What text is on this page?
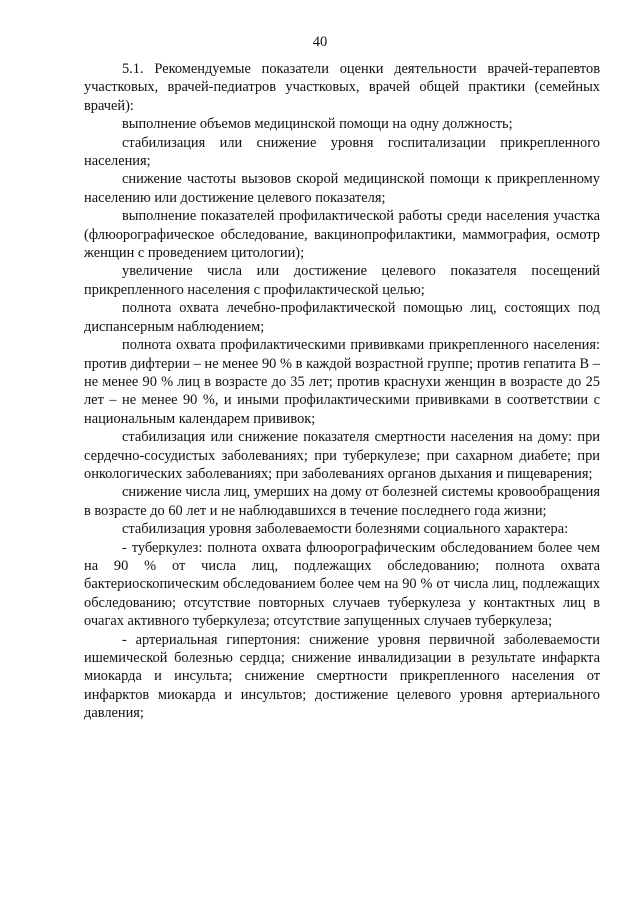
40

5.1. Рекомендуемые показатели оценки деятельности врачей-терапевтов участковых, врачей-педиатров участковых, врачей общей практики (семейных врачей):

выполнение объемов медицинской помощи на одну должность;

стабилизация или снижение уровня госпитализации прикрепленного населения;

снижение частоты вызовов скорой медицинской помощи к прикрепленному населению или достижение целевого показателя;

выполнение показателей профилактической работы среди населения участка (флюорографическое обследование, вакцинопрофилактики, маммография, осмотр женщин с проведением цитологии);

увеличение числа или достижение целевого показателя посещений прикрепленного населения с профилактической целью;

полнота охвата лечебно-профилактической помощью лиц, состоящих под диспансерным наблюдением;

полнота охвата профилактическими прививками прикрепленного населения: против дифтерии – не менее 90 % в каждой возрастной группе; против гепатита В – не менее 90 % лиц в возрасте до 35 лет; против краснухи женщин в возрасте до 25 лет – не менее 90 %, и иными профилактическими прививками в соответствии с национальным календарем прививок;

стабилизация или снижение показателя смертности населения на дому: при сердечно-сосудистых заболеваниях; при туберкулезе; при сахарном диабете; при онкологических заболеваниях; при заболеваниях органов дыхания и пищеварения;

снижение числа лиц, умерших на дому от болезней системы кровообращения в возрасте до 60 лет и не наблюдавшихся в течение последнего года жизни;

стабилизация уровня заболеваемости болезнями социального характера:

- туберкулез: полнота охвата флюорографическим обследованием более чем на 90 % от числа лиц, подлежащих обследованию; полнота охвата бактериоскопическим обследованием более чем на 90 % от числа лиц, подлежащих обследованию; отсутствие повторных случаев туберкулеза у контактных лиц в очагах активного туберкулеза; отсутствие запущенных случаев туберкулеза;

- артериальная гипертония: снижение уровня первичной заболеваемости ишемической болезнью сердца; снижение инвалидизации в результате инфаркта миокарда и инсульта; снижение смертности прикрепленного населения от инфарктов миокарда и инсультов; достижение целевого уровня артериального давления;
